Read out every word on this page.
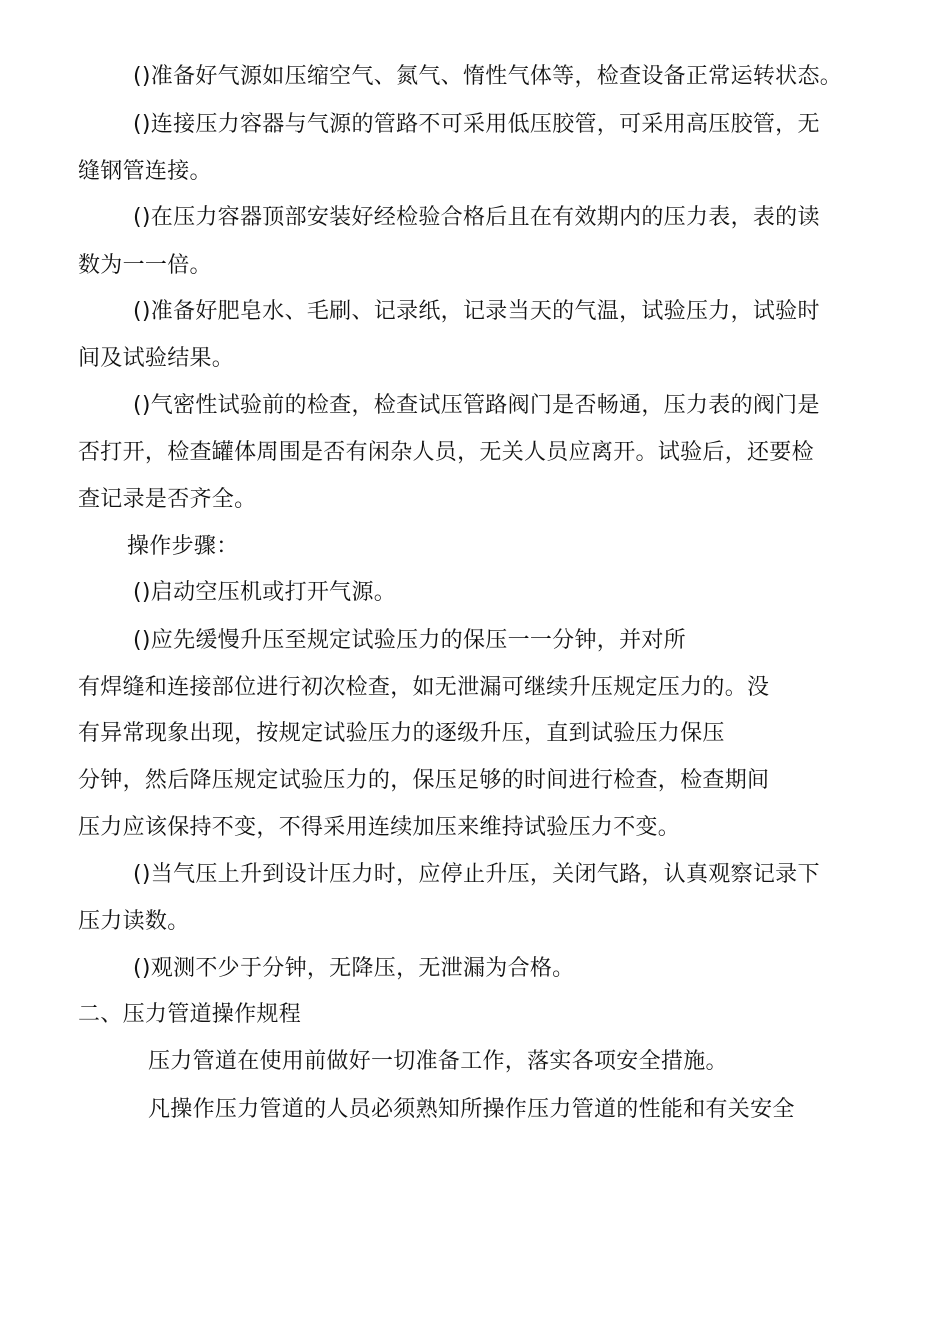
()准备好气源如压缩空气、氮气、惰性气体等，检查设备正常运转状态。
()连接压力容器与气源的管路不可采用低压胶管，可采用高压胶管，无
缝钢管连接。
()在压力容器顶部安装好经检验合格后且在有效期内的压力表，表的读
数为一一倍。
()准备好肥皂水、毛刷、记录纸，记录当天的气温，试验压力，试验时
间及试验结果。
()气密性试验前的检查，检查试压管路阀门是否畅通，压力表的阀门是
否打开，检查罐体周围是否有闲杂人员，无关人员应离开。试验后，还要检
查记录是否齐全。
操作步骤：
()启动空压机或打开气源。
()应先缓慢升压至规定试验压力的保压一一分钟，并对所
有焊缝和连接部位进行初次检查，如无泄漏可继续升压规定压力的。没
有异常现象出现，按规定试验压力的逐级升压，直到试验压力保压
分钟，然后降压规定试验压力的，保压足够的时间进行检查，检查期间
压力应该保持不变，不得采用连续加压来维持试验压力不变。
()当气压上升到设计压力时，应停止升压，关闭气路，认真观察记录下
压力读数。
()观测不少于分钟，无降压，无泄漏为合格。
二、压力管道操作规程
压力管道在使用前做好一切准备工作，落实各项安全措施。
凡操作压力管道的人员必须熟知所操作压力管道的性能和有关安全
